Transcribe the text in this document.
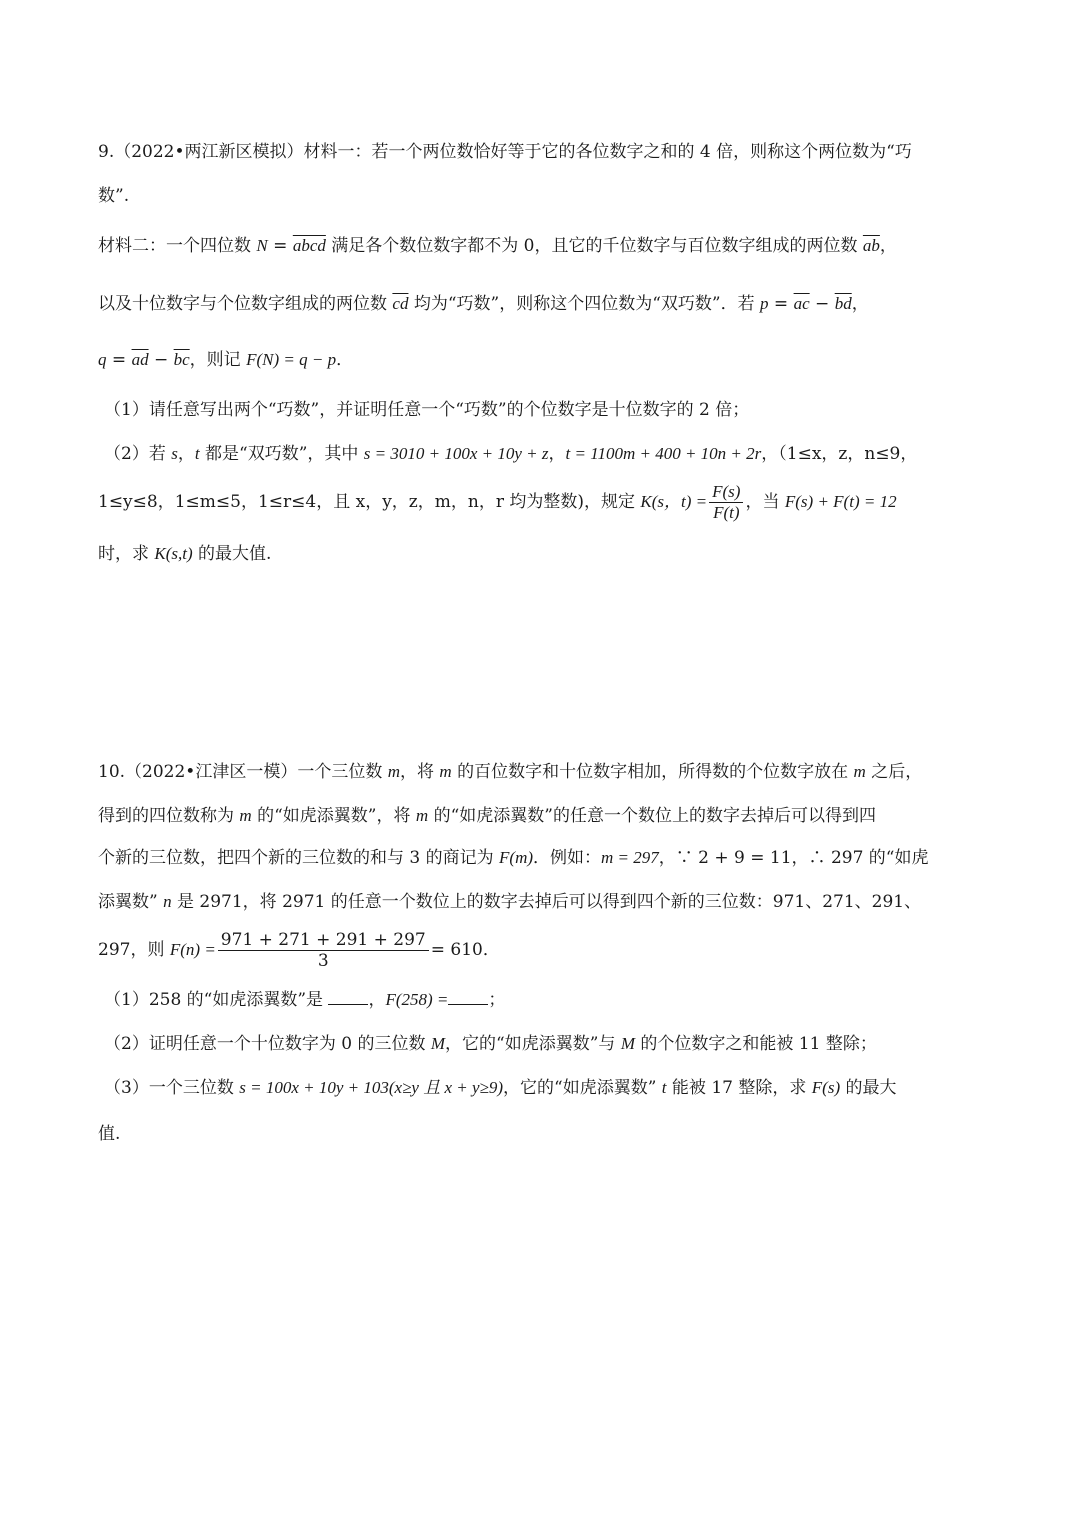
9.（2022•两江新区模拟）材料一：若一个两位数恰好等于它的各位数字之和的 4 倍，则称这个两位数为“巧
数”.
材料二：一个四位数 N = abcd 满足各个数位数字都不为 0，且它的千位数字与百位数字组成的两位数 $\overline{ab}$，
以及十位数字与个位数字组成的两位数 $\overline{cd}$ 均为“巧数”，则称这个四位数为“双巧数”．若 $p = \overline{ac} - \overline{bd}$，
$q = \overline{ad} - \overline{bc}$，则记 F(N) = q − p．
（1）请任意写出两个“巧数”，并证明任意一个“巧数”的个位数字是十位数字的 2 倍；
（2）若 s，t 都是“双巧数”，其中 s = 3010 + 100x + 10y + z，t = 1100m + 400 + 10n + 2r，（1≤x，z，n≤9，
1≤y≤8，1≤m≤5，1≤r≤4，且 x，y，z，m，n，r 均为整数)，规定 K(s，$t) = \frac{F(s)}{F(t)}$ ，当 F(s) + F(t) = 12
时，求 K(s,t) 的最大值.
10.（2022•江津区一模）一个三位数 m，将 m 的百位数字和十位数字相加，所得数的个位数字放在 m 之后，
得到的四位数称为 m 的“如虎添翼数”，将 m 的“如虎添翼数”的任意一个数位上的数字去掉后可以得到四
个新的三位数，把四个新的三位数的和与 3 的商记为 F(m)．例如：m = 297，∵ 2 + 9 = 11，∴ 297 的“如虎
添翼数” n 是 2971，将 2971 的任意一个数位上的数字去掉后可以得到四个新的三位数：971、271、291、
297，则 $F(n) = \frac{971 + 271 + 291 + 297}{3} = 610$．
（1）258 的“如虎添翼数”是 ，F(258) = ；
（2）证明任意一个十位数字为 0 的三位数 M，它的“如虎添翼数”与 M 的个位数字之和能被 11 整除；
（3）一个三位数 s = 100x + 10y + 103(x≥y 且 x + y≥9)，它的“如虎添翼数” t 能被 17 整除，求 F(s) 的最大
值.
